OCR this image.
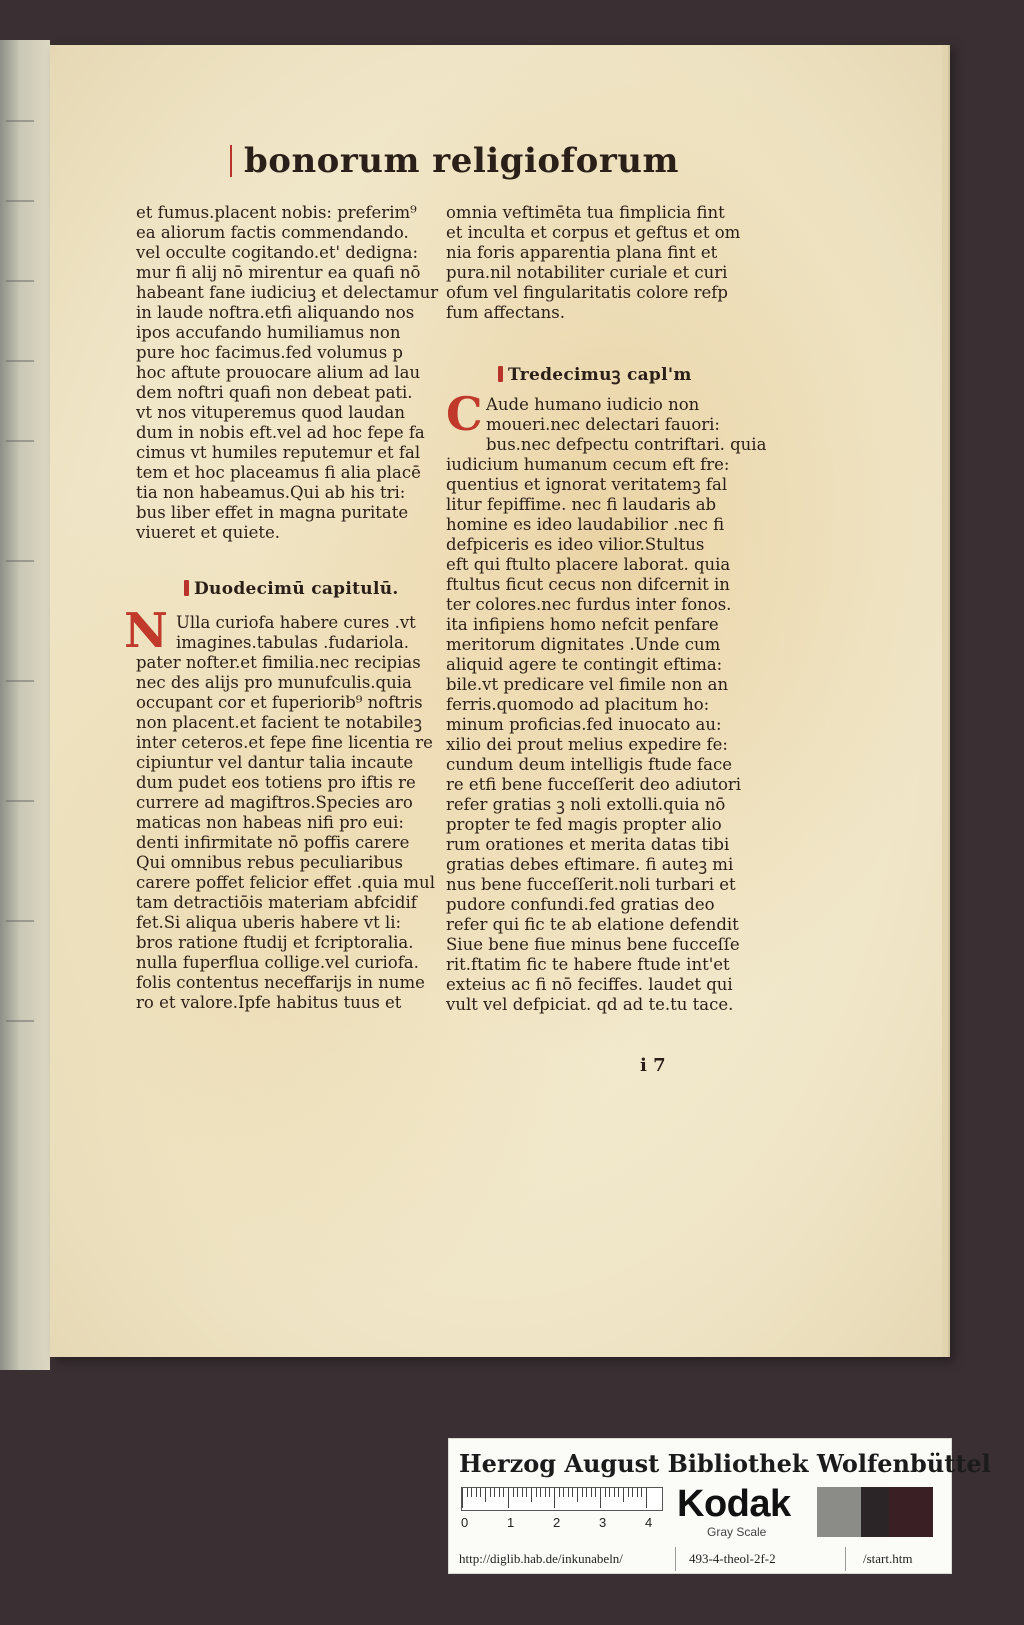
bonorum religioforum
et fumus.placent nobis: preferim⁹
ea aliorum factis commendando.
vel occulte cogitando.et' dedigna:
mur fi alij nō mirentur ea quafi nō
habeant fane iudiciuꝫ et delectamur
in laude noftra.etfi aliquando nos
ipos accufando humiliamus non
pure hoc facimus.fed volumus p
hoc aftute prouocare alium ad lau
dem noftri quafi non debeat pati.
vt nos vituperemus quod laudan
dum in nobis eft.vel ad hoc fepe fa
cimus vt humiles reputemur et fal
tem et hoc placeamus fi alia placē
tia non habeamus.Qui ab his tri:
bus liber effet in magna puritate
viueret et quiete.
Duodecimū capitulū.
N Ulla curiofa habere cures .vt
imagines.tabulas .fudariola.
pater nofter.et fimilia.nec recipias
nec des alijs pro munufculis.quia
occupant cor et fuperiorib⁹ noftris
non placent.et facient te notabileꝫ
inter ceteros.et fepe fine licentia re
cipiuntur vel dantur talia incaute
dum pudet eos totiens pro iftis re
currere ad magiftros.Species aro
maticas non habeas nifi pro eui:
denti infirmitate nō poffis carere
Qui omnibus rebus peculiaribus
carere poffet felicior effet .quia mul
tam detractiōis materiam abfcidif
fet.Si aliqua uberis habere vt li:
bros ratione ftudij et fcriptoralia.
nulla fuperflua collige.vel curiofa.
folis contentus neceffarijs in nume
ro et valore.Ipfe habitus tuus et
omnia veftimēta tua fimplicia fint
et inculta et corpus et geftus et om
nia foris apparentia plana fint et
pura.nil notabiliter curiale et curi
ofum vel fingularitatis colore refp
fum affectans.
Tredecimuꝫ capl'm
C Aude humano iudicio non
moueri.nec delectari fauori:
bus.nec defpectu contriftari. quia
iudicium humanum cecum eft fre:
quentius et ignorat veritatemꝫ fal
litur fepiffime. nec fi laudaris ab
homine es ideo laudabilior .nec fi
defpiceris es ideo vilior.Stultus
eft qui ftulto placere laborat. quia
ftultus ficut cecus non difcernit in
ter colores.nec furdus inter fonos.
ita infipiens homo nefcit penfare
meritorum dignitates .Unde cum
aliquid agere te contingit eftima:
bile.vt predicare vel fimile non an
ferris.quomodo ad placitum ho:
minum proficias.fed inuocato au:
xilio dei prout melius expedire fe:
cundum deum intelligis ftude face
re etfi bene fucceſſerit deo adiutori
refer gratias ꝫ noli extolli.quia nō
propter te fed magis propter alio
rum orationes et merita datas tibi
gratias debes eftimare. fi auteꝫ mi
nus bene fucceſſerit.noli turbari et
pudore confundi.fed gratias deo
refer qui fic te ab elatione defendit
Siue bene fiue minus bene fucceſſe
rit.ftatim fic te habere ftude int'et
exteius ac fi nō feciffes. laudet qui
vult vel defpiciat. qd ad te.tu tace.
i 7
Herzog August Bibliothek Wolfenbüttel
0	1	2	3	4 Kodak
Gray Scale
http://diglib.hab.de/inkunabeln/	493-4-theol-2f-2	/start.htm
